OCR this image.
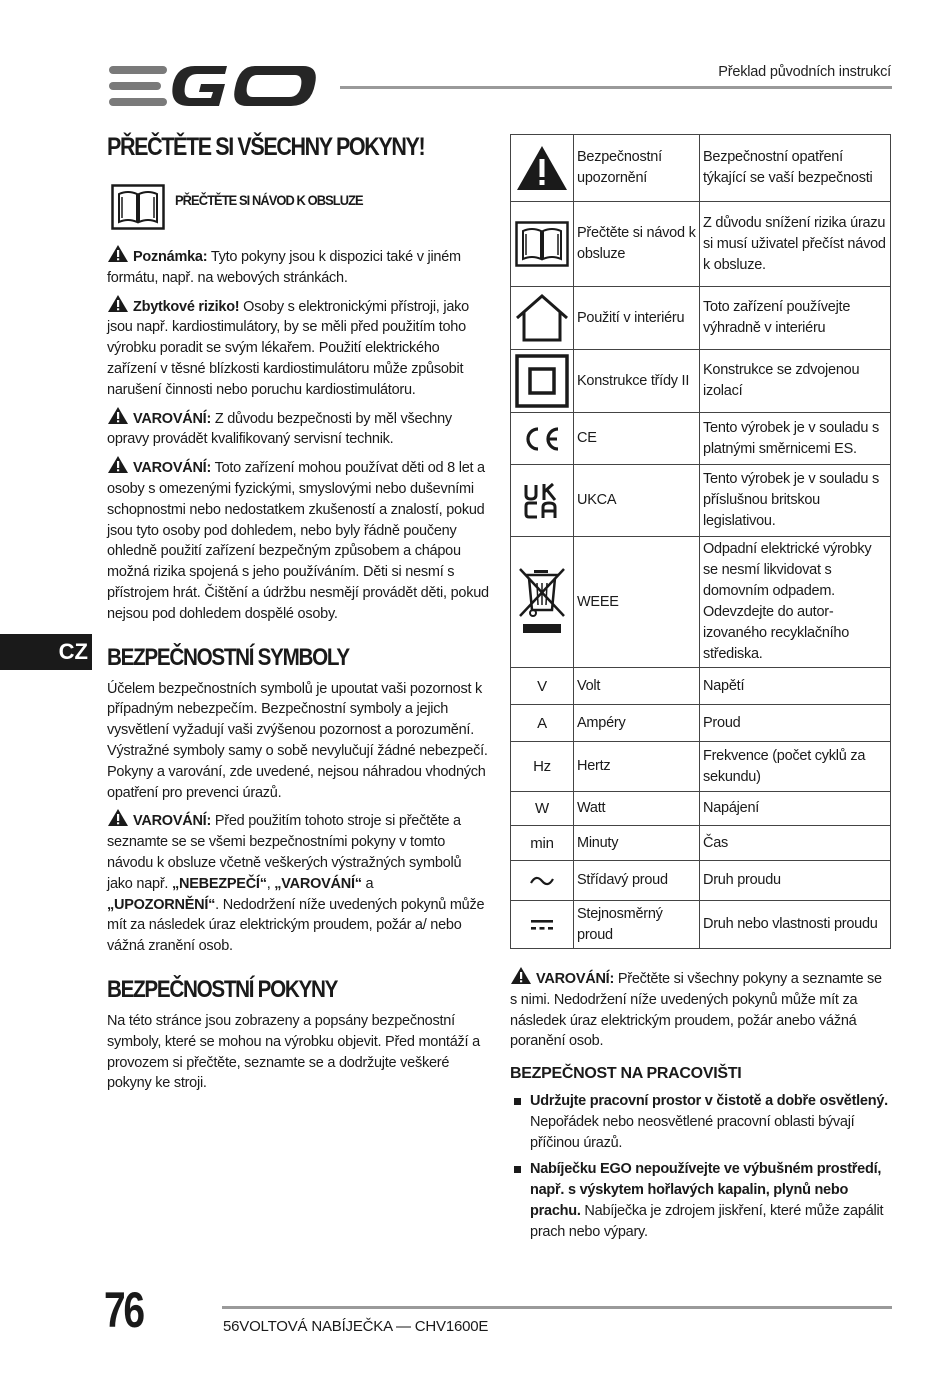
Překlad původních instrukcí
PŘEČTĚTE SI VŠECHNY POKYNY!
PŘEČTĚTE SI NÁVOD K OBSLUZE

Poznámka: Tyto pokyny jsou k dispozici také v jiném formátu, např. na webových stránkách.

Zbytkové riziko! Osoby s elektronickými přístroji, jako jsou např. kardiostimulátory, by se měli před použitím toho výrobku poradit se svým lékařem. Použití elektrického zařízení v těsné blízkosti kardiostimulátoru může způsobit narušení činnosti nebo poruchu kardiostimulátoru.

VAROVÁNÍ: Z důvodu bezpečnosti by měl všechny opravy provádět kvalifikovaný servisní technik.

VAROVÁNÍ: Toto zařízení mohou používat děti od 8 let a osoby s omezenými fyzickými, smyslovými nebo duševními schopnostmi nebo nedostatkem zkušeností a znalostí, pokud jsou tyto osoby pod dohledem, nebo byly řádně poučeny ohledně použití zařízení bezpečným způsobem a chápou možná rizika spojená s jeho používáním. Děti si nesmí s přístrojem hrát. Čištění a údržbu nesmějí provádět děti, pokud nejsou pod dohledem dospělé osoby.

BEZPEČNOSTNÍ SYMBOLY

Účelem bezpečnostních symbolů je upoutat vaši pozornost k případným nebezpečím. Bezpečnostní symboly a jejich vysvětlení vyžadují vaši zvýšenou pozornost a porozumění. Výstražné symboly samy o sobě nevylučují žádné nebezpečí. Pokyny a varování, zde uvedené, nejsou náhradou vhodných opatření pro prevenci úrazů.

VAROVÁNÍ: Před použitím tohoto stroje si přečtěte a seznamte se se všemi bezpečnostními pokyny v tomto návodu k obsluze včetně veškerých výstražných symbolů jako např. „NEBEZPEČÍ“, „VAROVÁNÍ“ a „UPOZORNĚNÍ“. Nedodržení níže uvedených pokynů může mít za následek úraz elektrickým proudem, požár a/ nebo vážná zranění osob.

BEZPEČNOSTNÍ POKYNY

Na této stránce jsou zobrazeny a popsány bezpečnostní symboly, které se mohou na výrobku objevit. Před montáží a provozem si přečtěte, seznamte se a dodržujte veškeré pokyny ke stroji.

CZ
	Bezpečnostní upozornění	Bezpečnostní opatření týkající se vaší bezpečnosti

	Přečtěte si návod k obsluze	Z důvodu snížení rizika úrazu si musí uživatel přečíst návod k obsluze.

	Použití v interiéru	Toto zařízení používejte výhradně v interiéru

	Konstrukce třídy II	Konstrukce se zdvojenou izolací

	CE	Tento výrobek je v souladu s platnými směrnicemi ES.

	UKCA	Tento výrobek je v souladu s příslušnou britskou legislativou.

	WEEE	Odpadní elektrické výrobky se nesmí likvidovat s domovním odpadem. Odevzdejte do autorizovaného recyklačního střediska.
V	Volt	Napětí
A	Ampéry	Proud
Hz	Hertz	Frekvence (počet cyklů za sekundu)
W	Watt	Napájení
min	Minuty	Čas

	Střídavý proud	Druh proudu

	Stejnosměrný proud	Druh nebo vlastnosti proudu

VAROVÁNÍ: Přečtěte si všechny pokyny a seznamte se s nimi. Nedodržení níže uvedených pokynů může mít za následek úraz elektrickým proudem, požár anebo vážná poranění osob.

BEZPEČNOST NA PRACOVIŠTI
Udržujte pracovní prostor v čistotě a dobře osvětlený. Nepořádek nebo neosvětlené pracovní oblasti bývají příčinou úrazů.
Nabíječku EGO nepoužívejte ve výbušném prostředí, např. s výskytem hořlavých kapalin, plynů nebo prachu. Nabíječka je zdrojem jiskření, které může zapálit prach nebo výpary.
76	56VOLTOVÁ NABÍJEČKA — CHV1600E
